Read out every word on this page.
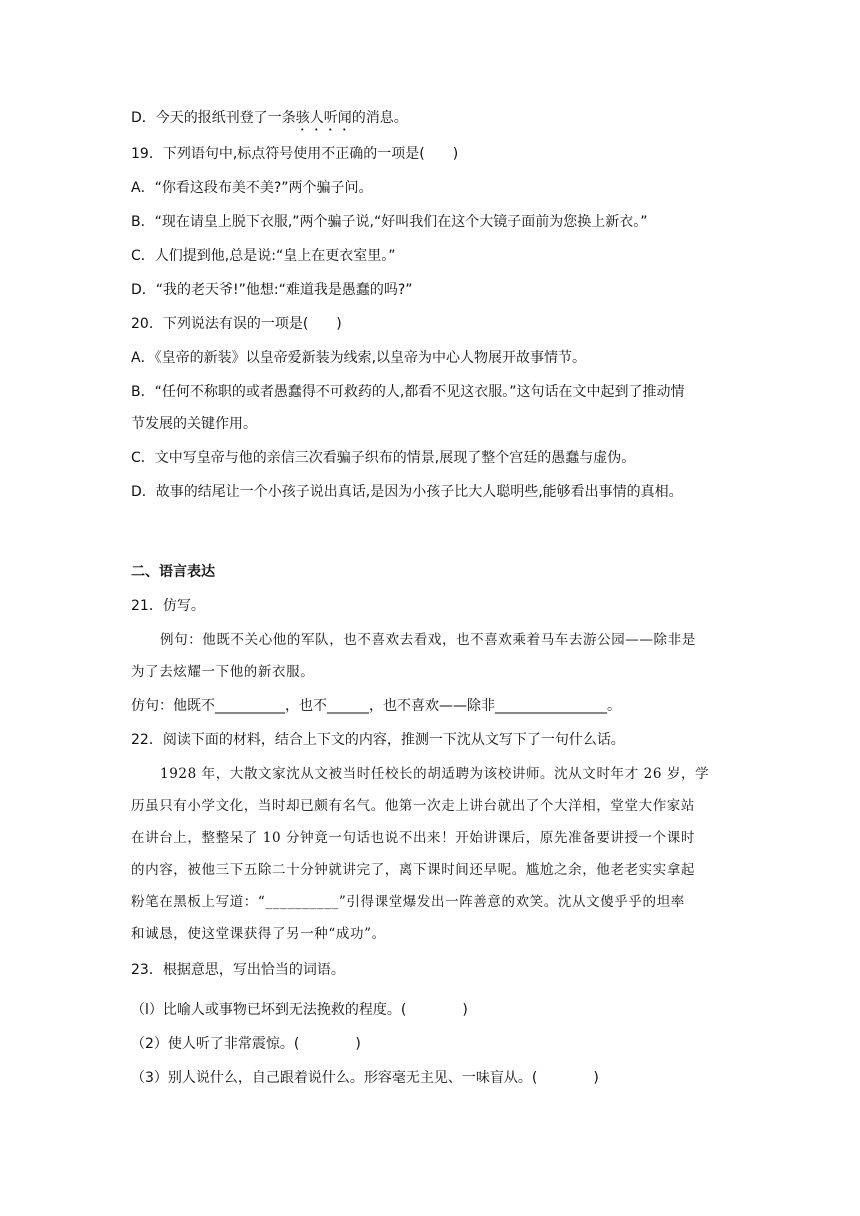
D．今天的报纸刊登了一条骇人听闻的消息。
19．下列语句中,标点符号使用不正确的一项是(　　)
A．“你看这段布美不美?”两个骗子问。
B．“现在请皇上脱下衣服,”两个骗子说,“好叫我们在这个大镜子面前为您换上新衣。”
C．人们提到他,总是说:“皇上在更衣室里。”
D．“我的老天爷!”他想:“难道我是愚蠢的吗?”
20．下列说法有误的一项是(　　)
A．《皇帝的新装》以皇帝爱新装为线索,以皇帝为中心人物展开故事情节。
B．“任何不称职的或者愚蠢得不可救药的人,都看不见这衣服。”这句话在文中起到了推动情
节发展的关键作用。
C．文中写皇帝与他的亲信三次看骗子织布的情景,展现了整个宫廷的愚蠢与虚伪。
D．故事的结尾让一个小孩子说出真话,是因为小孩子比大人聪明些,能够看出事情的真相。
二、语言表达
21．仿写。
例句：他既不关心他的军队，也不喜欢去看戏，也不喜欢乘着马车去游公园——除非是
为了去炫耀一下他的新衣服。
仿句：他既不__________，也不______，也不喜欢——除非________________。
22．阅读下面的材料，结合上下文的内容，推测一下沈从文写下了一句什么话。
1928 年，大散文家沈从文被当时任校长的胡适聘为该校讲师。沈从文时年才 26 岁，学
历虽只有小学文化，当时却已颇有名气。他第一次走上讲台就出了个大洋相，堂堂大作家站
在讲台上，整整呆了 10 分钟竟一句话也说不出来！开始讲课后，原先准备要讲授一个课时
的内容，被他三下五除二十分钟就讲完了，离下课时间还早呢。尴尬之余，他老老实实拿起
粉笔在黑板上写道：“__________”引得课堂爆发出一阵善意的欢笑。沈从文傻乎乎的坦率
和诚恳，使这堂课获得了另一种“成功”。
23．根据意思，写出恰当的词语。
（l）比喻人或事物已坏到无法挽救的程度。(　　　　)
（2）使人听了非常震惊。(　　　　)
（3）别人说什么，自己跟着说什么。形容毫无主见、一味盲从。(　　　　)
